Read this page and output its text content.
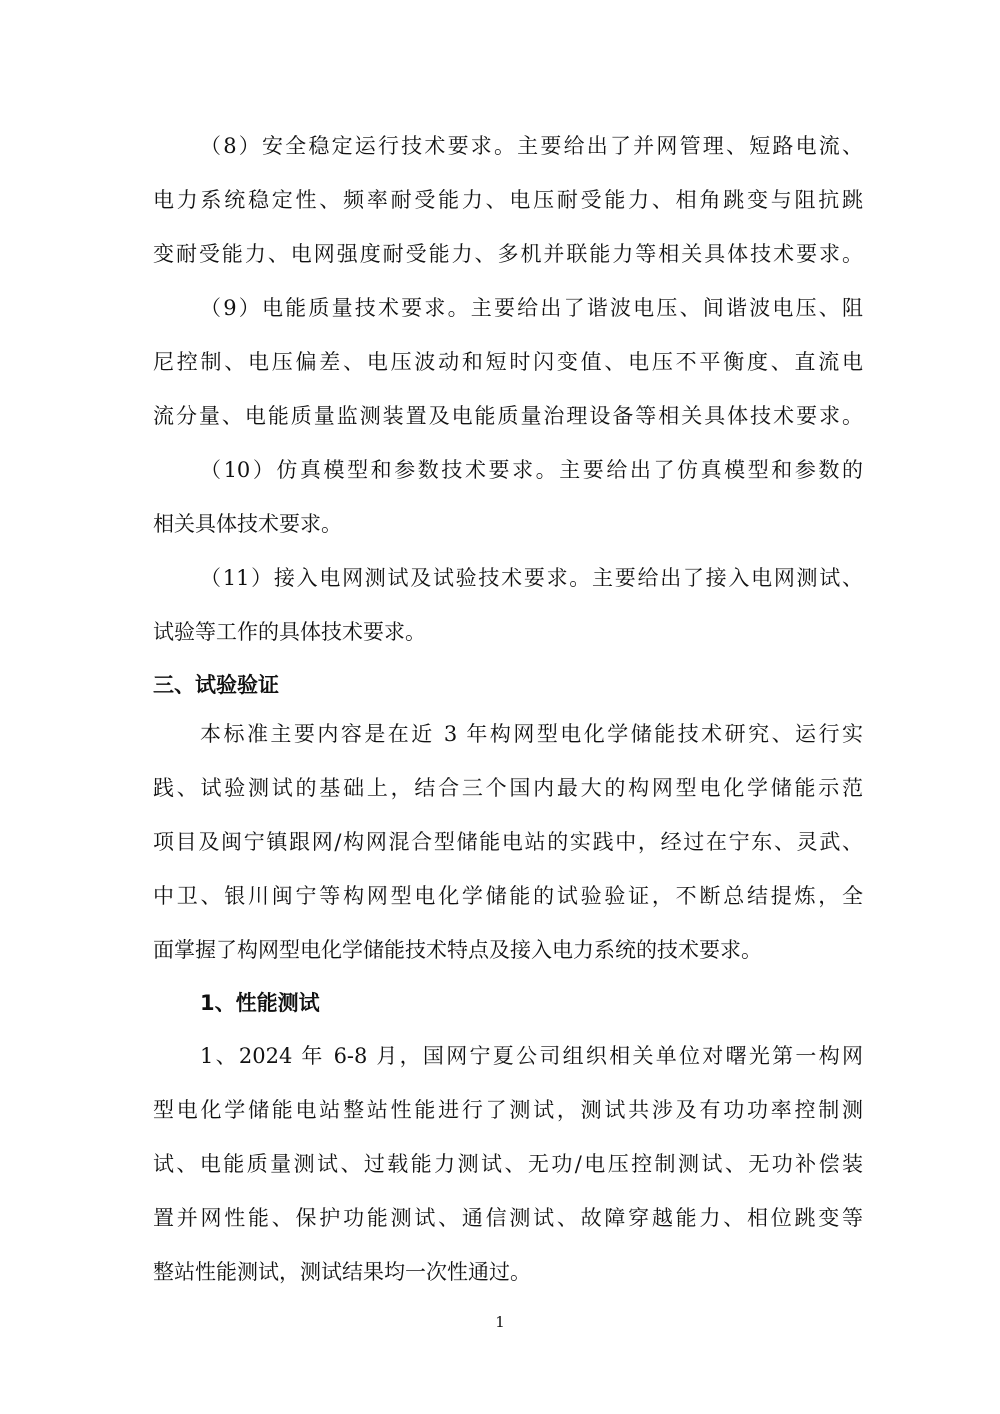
（8）安全稳定运行技术要求。主要给出了并网管理、短路电流、
电力系统稳定性、频率耐受能力、电压耐受能力、相角跳变与阻抗跳
变耐受能力、电网强度耐受能力、多机并联能力等相关具体技术要求。
（9）电能质量技术要求。主要给出了谐波电压、间谐波电压、阻
尼控制、电压偏差、电压波动和短时闪变值、电压不平衡度、直流电
流分量、电能质量监测装置及电能质量治理设备等相关具体技术要求。
（10）仿真模型和参数技术要求。主要给出了仿真模型和参数的
相关具体技术要求。
（11）接入电网测试及试验技术要求。主要给出了接入电网测试、
试验等工作的具体技术要求。
三、试验验证
本标准主要内容是在近 3 年构网型电化学储能技术研究、运行实
践、试验测试的基础上，结合三个国内最大的构网型电化学储能示范
项目及闽宁镇跟网/构网混合型储能电站的实践中，经过在宁东、灵武、
中卫、银川闽宁等构网型电化学储能的试验验证，不断总结提炼，全
面掌握了构网型电化学储能技术特点及接入电力系统的技术要求。
1、性能测试
1、2024 年 6-8 月，国网宁夏公司组织相关单位对曙光第一构网
型电化学储能电站整站性能进行了测试，测试共涉及有功功率控制测
试、电能质量测试、过载能力测试、无功/电压控制测试、无功补偿装
置并网性能、保护功能测试、通信测试、故障穿越能力、相位跳变等
整站性能测试，测试结果均一次性通过。
1
